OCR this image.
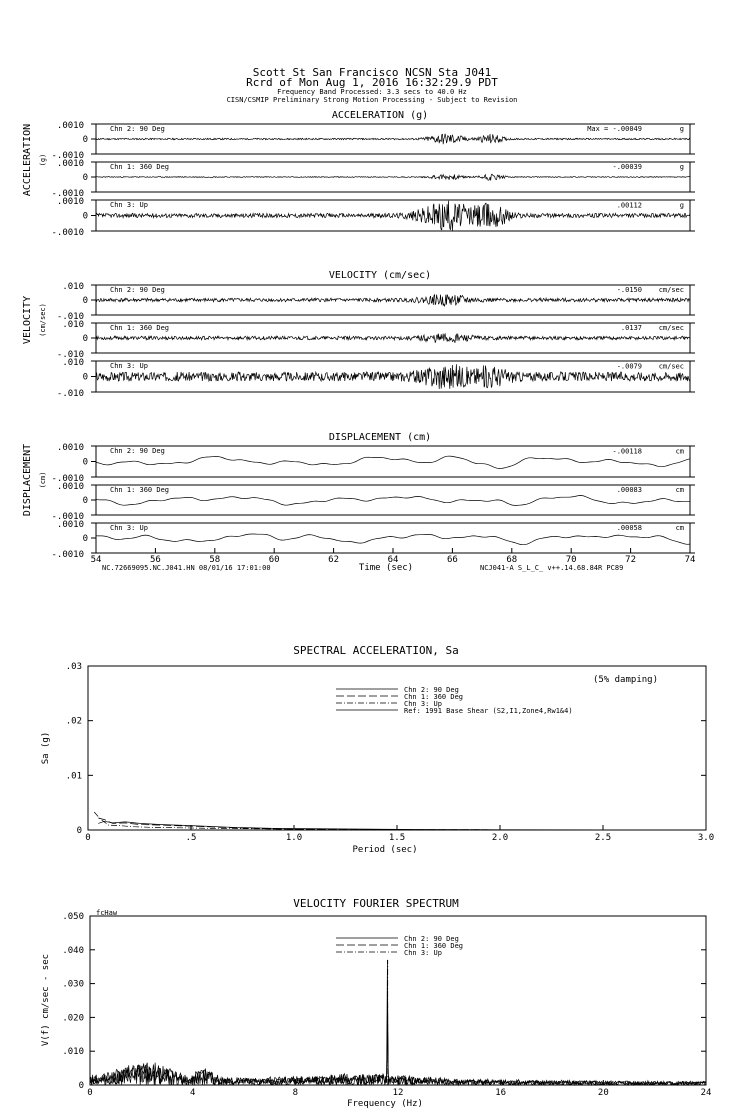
Scott St San Francisco NCSN Sta J041
Rcrd of Mon Aug 1, 2016 16:32:29.9 PDT
Frequency Band Processed: 3.3 secs to 40.0 Hz
CISN/CSMIP Preliminary Strong Motion Processing - Subject to Revision
ACCELERATION (g)
ACCELERATION (g)
.0010
0
-.0010
Chn 2: 90 Deg	Max = -.00049	g
.0010
0
-.0010
Chn 1: 360 Deg	-.00039	g
.0010
0
-.0010
Chn 3: Up	.00112	g
VELOCITY (cm/sec)
VELOCITY (cm/sec)
.010
0
-.010
Chn 2: 90 Deg	-.0150 cm/sec
.010
0
-.010
Chn 1: 360 Deg	.0137 cm/sec
.010
0
-.010
Chn 3: Up	-.0079 cm/sec
DISPLACEMENT (cm)
DISPLACEMENT (cm)
.0010
0
-.0010
Chn 2: 90 Deg	-.00118	cm
.0010
0
-.0010
Chn 1: 360 Deg	.00083	cm
.0010
0
-.0010
Chn 3: Up	.00058	cm
54	56	58	60	62	64	66	68	70	72	74
Time (sec)
NC.72669095.NC.J041.HN 08/01/16 17:01:00	NCJ041-A S_L_C_ v++.14.68.84R PC89
SPECTRAL ACCELERATION, Sa
0
.01
.02
.03
0	.5	1.0	1.5	2.0	2.5	3.0
Period (sec)
Sa (g)
(5% damping)
Chn 2: 90 Deg
Chn 1: 360 Deg
Chn 3: Up
Ref: 1991 Base Shear (S2,I1,Zone4,Rw1&4)
VELOCITY FOURIER SPECTRUM
fcHaw
0
.010
.020
.030
.040
.050
0	4	8	12	16	20	24
Frequency (Hz)
V(f) cm/sec - sec
Chn 2: 90 Deg
Chn 1: 360 Deg
Chn 3: Up
